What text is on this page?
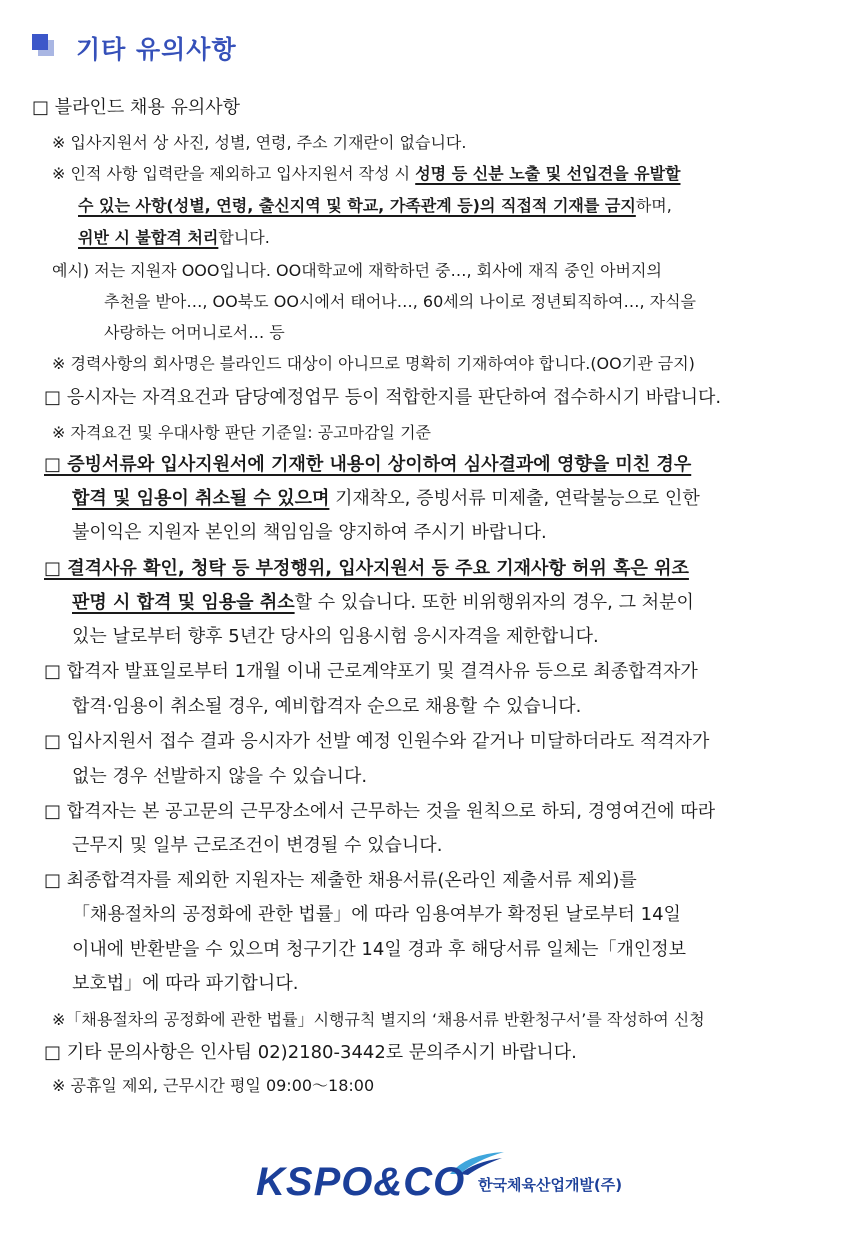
기타 유의사항
□ 블라인드 채용 유의사항
※ 입사지원서 상 사진, 성별, 연령, 주소 기재란이 없습니다.
※ 인적 사항 입력란을 제외하고 입사지원서 작성 시 성명 등 신분 노출 및 선입견을 유발할
수 있는 사항(성별, 연령, 출신지역 및 학교, 가족관계 등)의 직접적 기재를 금지하며,
위반 시 불합격 처리합니다.
예시) 저는 지원자 OOO입니다. OO대학교에 재학하던 중…, 회사에 재직 중인 아버지의
추천을 받아…, OO북도 OO시에서 태어나…, 60세의 나이로 정년퇴직하여…, 자식을
사랑하는 어머니로서… 등
※ 경력사항의 회사명은 블라인드 대상이 아니므로 명확히 기재하여야 합니다.(OO기관 금지)
□ 응시자는 자격요건과 담당예정업무 등이 적합한지를 판단하여 접수하시기 바랍니다.
※ 자격요건 및 우대사항 판단 기준일: 공고마감일 기준
□ 증빙서류와 입사지원서에 기재한 내용이 상이하여 심사결과에 영향을 미친 경우
합격 및 임용이 취소될 수 있으며 기재착오, 증빙서류 미제출, 연락불능으로 인한
불이익은 지원자 본인의 책임임을 양지하여 주시기 바랍니다.
□ 결격사유 확인, 청탁 등 부정행위, 입사지원서 등 주요 기재사항 허위 혹은 위조
판명 시 합격 및 임용을 취소할 수 있습니다. 또한 비위행위자의 경우, 그 처분이
있는 날로부터 향후 5년간 당사의 임용시험 응시자격을 제한합니다.
□ 합격자 발표일로부터 1개월 이내 근로계약포기 및 결격사유 등으로 최종합격자가
합격·임용이 취소될 경우, 예비합격자 순으로 채용할 수 있습니다.
□ 입사지원서 접수 결과 응시자가 선발 예정 인원수와 같거나 미달하더라도 적격자가
없는 경우 선발하지 않을 수 있습니다.
□ 합격자는 본 공고문의 근무장소에서 근무하는 것을 원칙으로 하되, 경영여건에 따라
근무지 및 일부 근로조건이 변경될 수 있습니다.
□ 최종합격자를 제외한 지원자는 제출한 채용서류(온라인 제출서류 제외)를
「채용절차의 공정화에 관한 법률」에 따라 임용여부가 확정된 날로부터 14일
이내에 반환받을 수 있으며 청구기간 14일 경과 후 해당서류 일체는「개인정보
보호법」에 따라 파기합니다.
※「채용절차의 공정화에 관한 법률」시행규칙 별지의 ‘채용서류 반환청구서’를 작성하여 신청
□ 기타 문의사항은 인사팀 02)2180-3442로 문의주시기 바랍니다.
※ 공휴일 제외, 근무시간 평일 09:00～18:00
KSPO&CO 한국체육산업개발(주)
